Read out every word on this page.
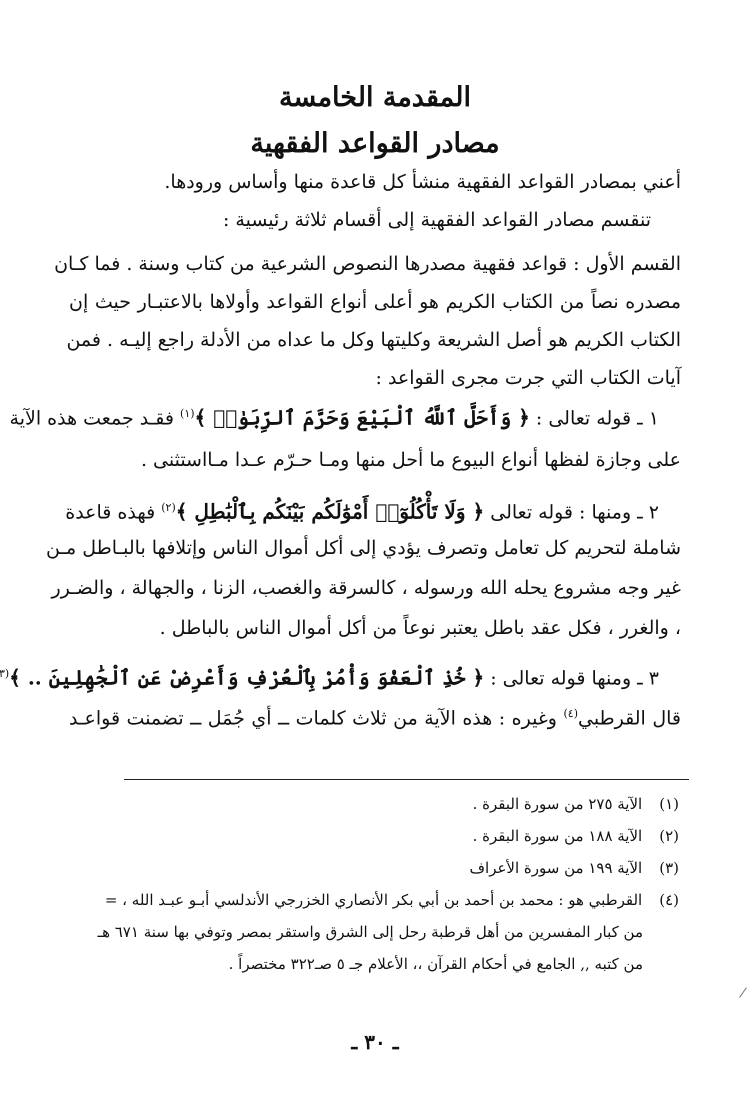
المقدمة الخامسة
مصادر القواعد الفقهية
أعني بمصادر القواعد الفقهية منشأ كل قاعدة منها وأساس ورودها.
تنقسم مصادر القواعد الفقهية إلى أقسام ثلاثة رئيسية :
القسم الأول : قواعد فقهية مصدرها النصوص الشرعية من كتاب وسنة . فما كـان
مصدره نصاً من الكتاب الكريم هو أعلى أنواع القواعد وأولاها بالاعتبـار حيث إن
الكتاب الكريم هو أصل الشريعة وكليتها وكل ما عداه من الأدلة راجع إليـه . فمن
آيات الكتاب التي جرت مجرى القواعد :
١ ـ قوله تعالى : ﴿ وَأَحَلَّ ٱللَّهُ ٱلْبَيْعَ وَحَرَّمَ ٱلرِّبَوٰا۟ ﴾$^{(١)}$ فقـد جمعت هذه الآية
على وجازة لفظها أنواع البيوع ما أحل منها ومـا حـرّم عـدا مـااستثنى .
٢ ـ ومنها : قوله تعالى ﴿ وَلَا تَأْكُلُوٓا۟ أَمْوَٰلَكُم بَيْنَكُم بِٱلْبَٰطِلِ ﴾$^{(٢)}$ فهذه قاعدة
شاملة لتحريم كل تعامل وتصرف يؤدي إلى أكل أموال الناس وإتلافها بالبـاطل مـن
غير وجه مشروع يحله الله ورسوله ، كالسرقة والغصب، الزنا ، والجهالة ، والضـرر
، والغرر ، فكل عقد باطل يعتبر نوعاً من أكل أموال الناس بالباطل .
٣ ـ ومنها قوله تعالى : ﴿ خُذِ ٱلْعَفْوَ وَأْمُرْ بِٱلْعُرْفِ وَأَعْرِضْ عَنِ ٱلْجَٰهِلِينَ .. ﴾$^{(٣}$
قال القرطبي$^{(٤)}$ وغيره : هذه الآية من ثلاث كلمات ــ أي جُمَل ــ تضمنت قواعـد
(١) الآية ٢٧٥ من سورة البقرة .
(٢) الآية ١٨٨ من سورة البقرة .
(٣) الآية ١٩٩ من سورة الأعراف
(٤) القرطبي هو : محمد بن أحمد بن أبي بكر الأنصاري الخزرجي الأندلسي أبـو عبـد الله ، =
من كبار المفسرين من أهل قرطبة رحل إلى الشرق واستقر بمصر وتوفي بها سنة ٦٧١ هـ
من كتبه ,, الجامع في أحكام القرآن ،، الأعلام جـ ٥ صـ٣٢٢ مختصراً .
ـ ٣٠ ـ
